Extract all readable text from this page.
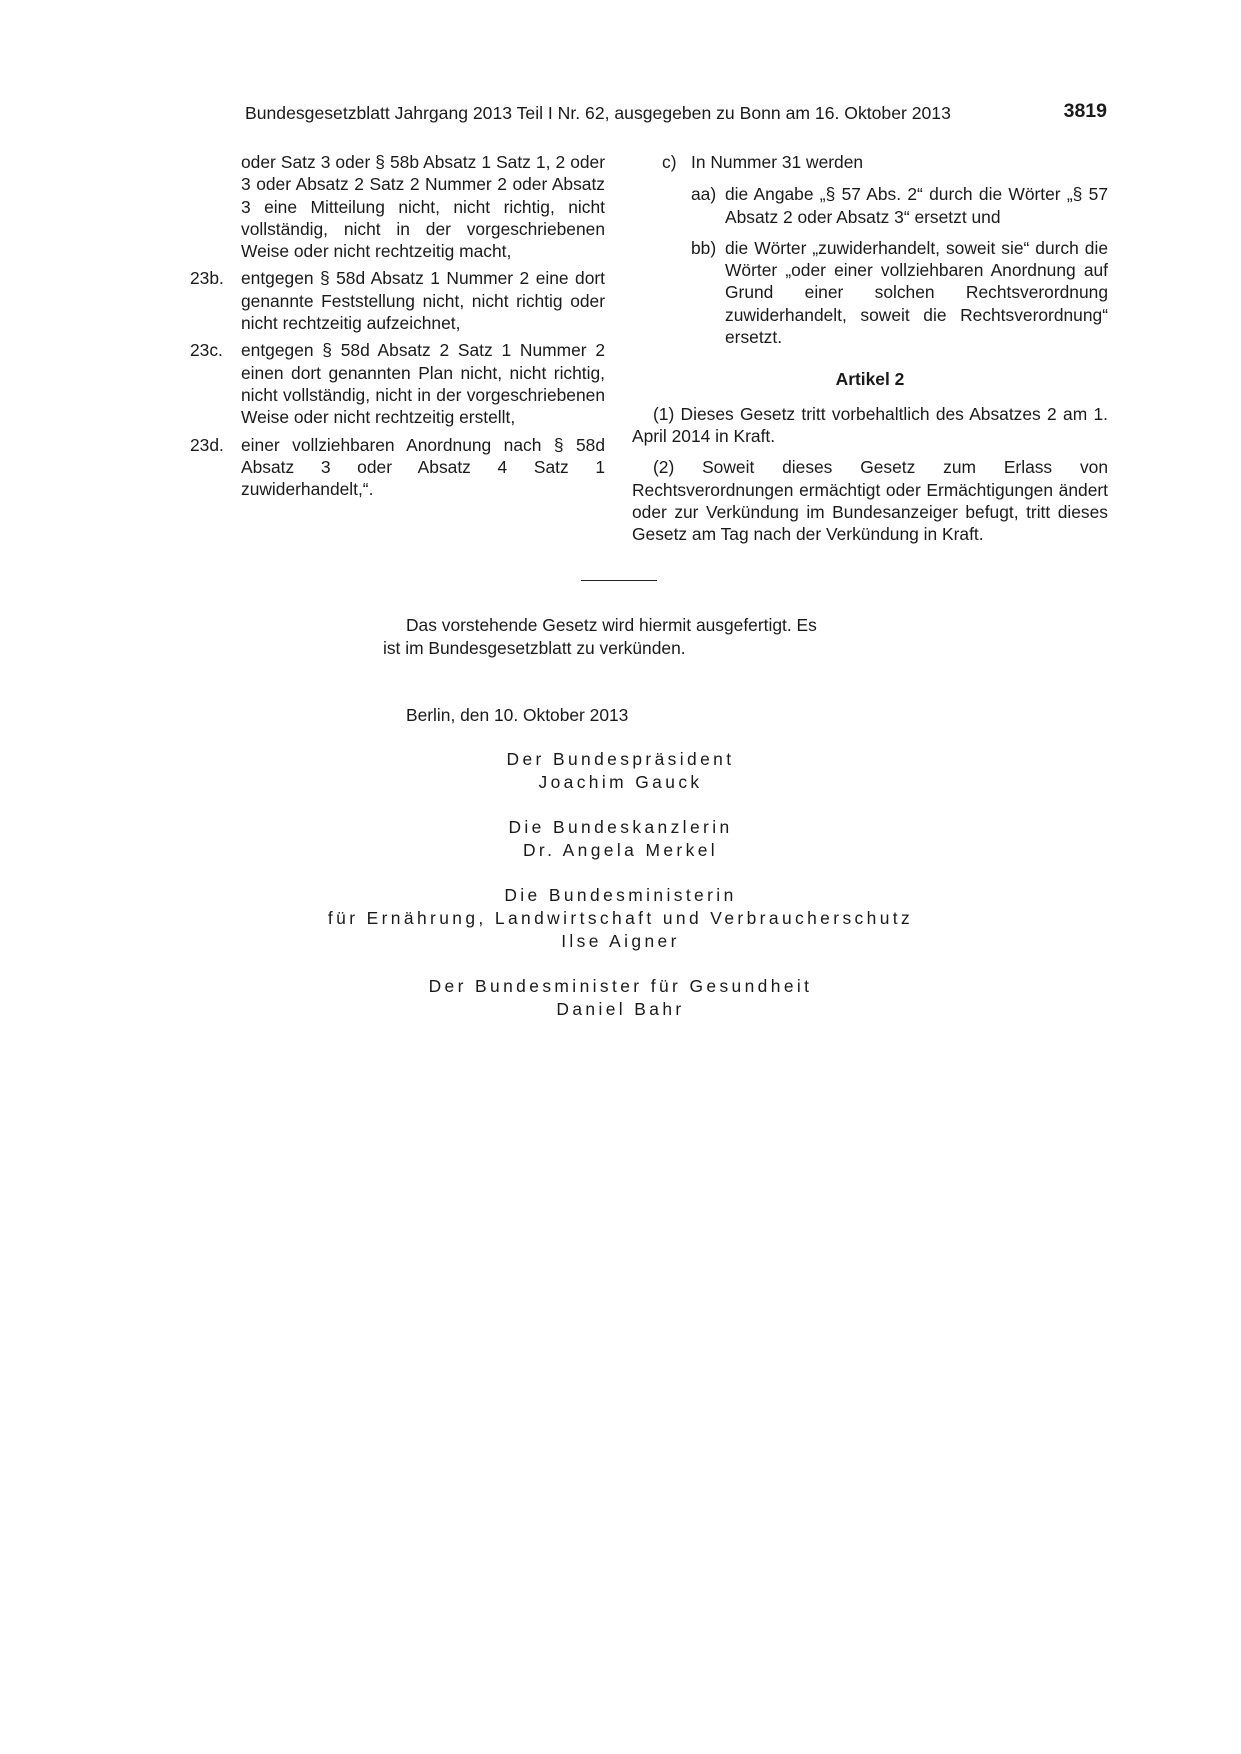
Bundesgesetzblatt Jahrgang 2013 Teil I Nr. 62, ausgegeben zu Bonn am 16. Oktober 2013	3819
oder Satz 3 oder § 58b Absatz 1 Satz 1, 2 oder 3 oder Absatz 2 Satz 2 Nummer 2 oder Absatz 3 eine Mitteilung nicht, nicht richtig, nicht vollständig, nicht in der vorgeschriebenen Weise oder nicht rechtzeitig macht,
23b. entgegen § 58d Absatz 1 Nummer 2 eine dort genannte Feststellung nicht, nicht richtig oder nicht rechtzeitig aufzeichnet,
23c.	entgegen § 58d Absatz 2 Satz 1 Nummer 2 einen dort genannten Plan nicht, nicht richtig, nicht vollständig, nicht in der vorgeschriebenen Weise oder nicht rechtzeitig erstellt,
23d. einer vollziehbaren Anordnung nach § 58d Absatz 3 oder Absatz 4 Satz 1 zuwiderhandelt,“.
c) In Nummer 31 werden
aa) die Angabe „§ 57 Abs. 2“ durch die Wörter „§ 57 Absatz 2 oder Absatz 3“ ersetzt und
bb) die Wörter „zuwiderhandelt, soweit sie“ durch die Wörter „oder einer vollziehbaren Anordnung auf Grund einer solchen Rechtsverordnung zuwiderhandelt, soweit die Rechtsverordnung“ ersetzt.
Artikel 2
(1) Dieses Gesetz tritt vorbehaltlich des Absatzes 2 am 1. April 2014 in Kraft.
(2) Soweit dieses Gesetz zum Erlass von Rechtsverordnungen ermächtigt oder Ermächtigungen ändert oder zur Verkündung im Bundesanzeiger befugt, tritt dieses Gesetz am Tag nach der Verkündung in Kraft.
Das vorstehende Gesetz wird hiermit ausgefertigt. Es
ist im Bundesgesetzblatt zu verkünden.
Berlin, den 10. Oktober 2013
Der Bundespräsident
Joachim Gauck
Die Bundeskanzlerin
Dr. Angela Merkel
Die Bundesministerin
für Ernährung, Landwirtschaft und Verbraucherschutz
Ilse Aigner
Der Bundesminister für Gesundheit
Daniel Bahr
